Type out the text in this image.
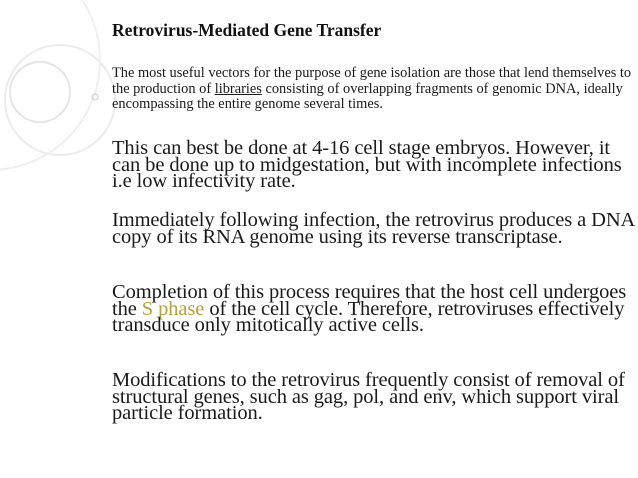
Retrovirus-Mediated Gene Transfer

The most useful vectors for the purpose of gene isolation are those that lend themselves to the production of libraries consisting of overlapping fragments of genomic DNA, ideally encompassing the entire genome several times.

This can best be done at 4-16 cell stage embryos. However, it can be done up to midgestation, but with incomplete infections i.e low infectivity rate.

Immediately following infection, the retrovirus produces a DNA copy of its RNA genome using its reverse transcriptase.

Completion of this process requires that the host cell undergoes the S phase of the cell cycle. Therefore, retroviruses effectively transduce only mitotically active cells.

Modifications to the retrovirus frequently consist of removal of structural genes, such as gag, pol, and env, which support viral particle formation.
